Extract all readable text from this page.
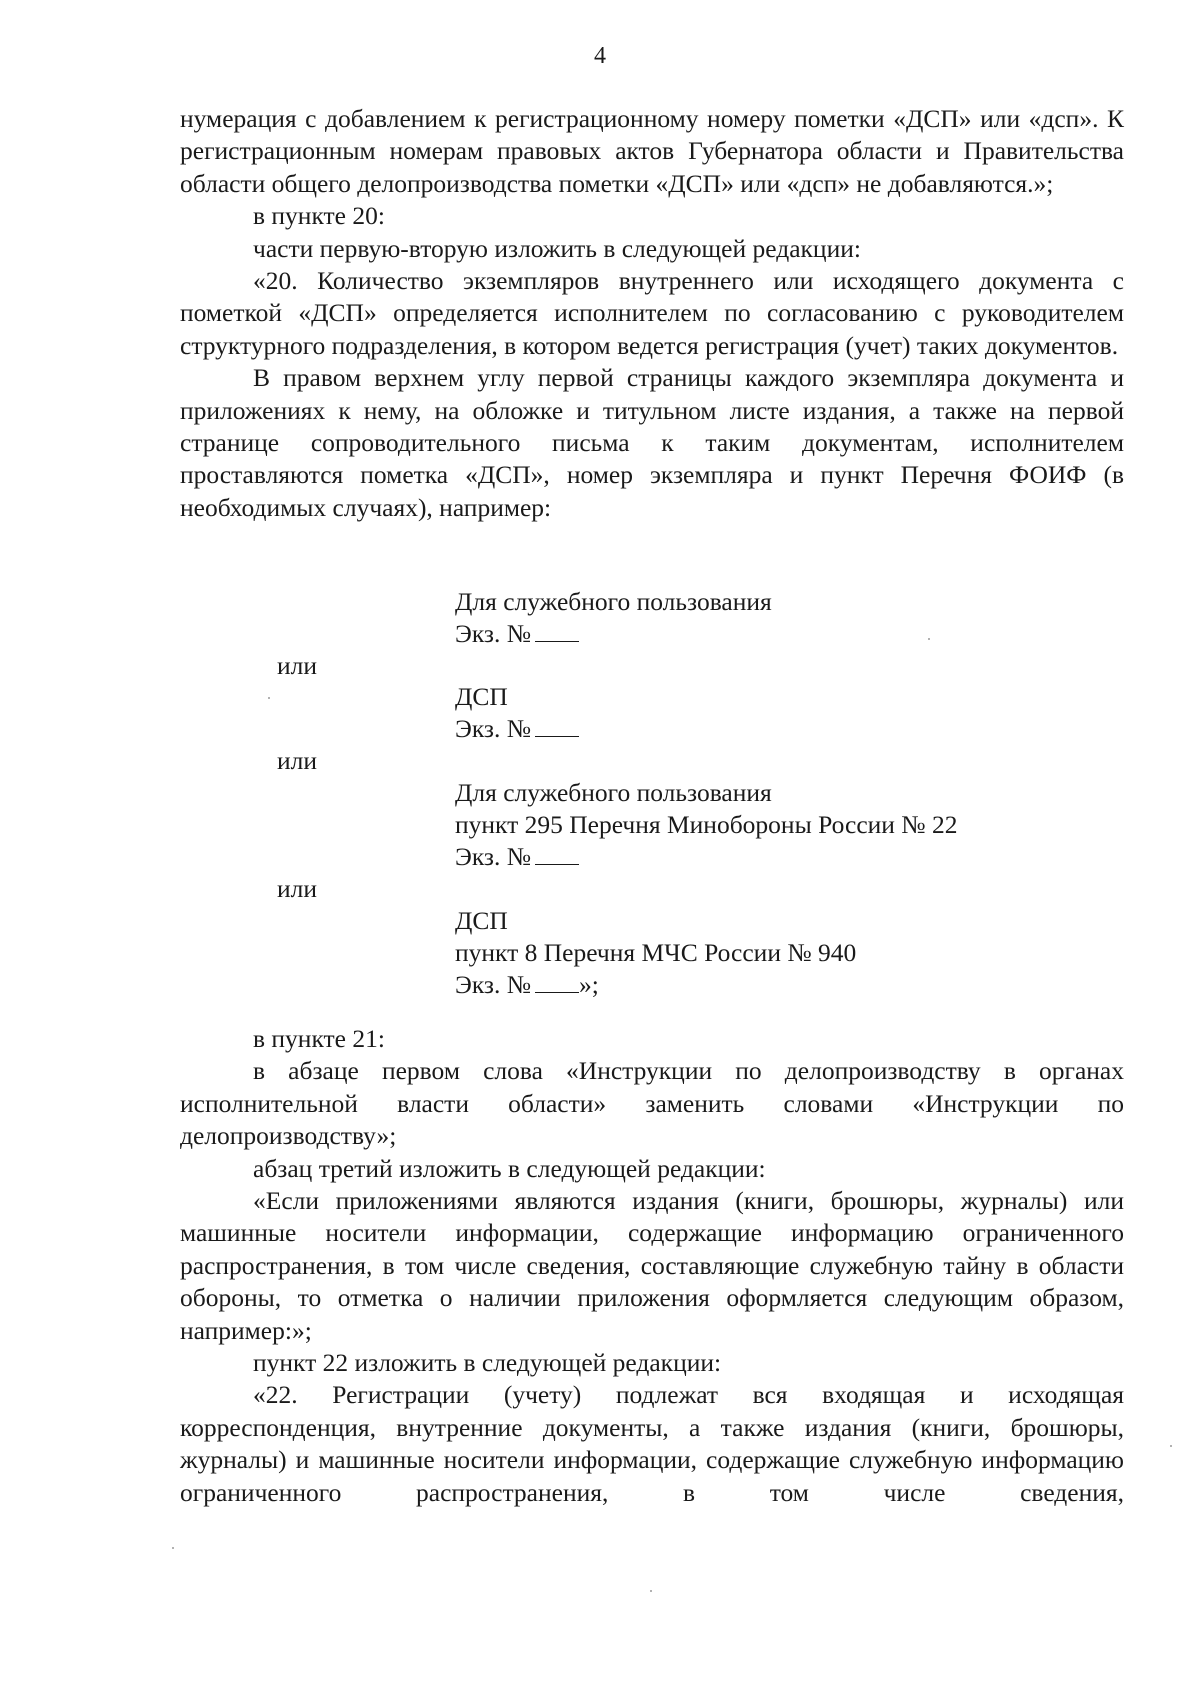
4

нумерация с добавлением к регистрационному номеру пометки «ДСП» или «дсп». К регистрационным номерам правовых актов Губернатора области и Правительства области общего делопроизводства пометки «ДСП» или «дсп» не добавляются.»;

в пункте 20:

части первую-вторую изложить в следующей редакции:

«20. Количество экземпляров внутреннего или исходящего документа с пометкой «ДСП» определяется исполнителем по согласованию с руководителем структурного подразделения, в котором ведется регистрация (учет) таких документов.

В правом верхнем углу первой страницы каждого экземпляра документа и приложениях к нему, на обложке и титульном листе издания, а также на первой странице сопроводительного письма к таким документам, исполнителем проставляются пометка «ДСП», номер экземпляра и пункт Перечня ФОИФ (в необходимых случаях), например:

Для служебного пользования
Экз. №
или
ДСП
Экз. №
или
Для служебного пользования
пункт 295 Перечня Минобороны России № 22
Экз. №
или
ДСП
пункт 8 Перечня МЧС России № 940
Экз. № »;

в пункте 21:

в абзаце первом слова «Инструкции по делопроизводству в органах исполнительной власти области» заменить словами «Инструкции по делопроизводству»;

абзац третий изложить в следующей редакции:

«Если приложениями являются издания (книги, брошюры, журналы) или машинные носители информации, содержащие информацию ограниченного распространения, в том числе сведения, составляющие служебную тайну в области обороны, то отметка о наличии приложения оформляется следующим образом, например:»;

пункт 22 изложить в следующей редакции:

«22. Регистрации (учету) подлежат вся входящая и исходящая корреспонденция, внутренние документы, а также издания (книги, брошюры, журналы) и машинные носители информации, содержащие служебную информацию ограниченного распространения, в том числе сведения,
